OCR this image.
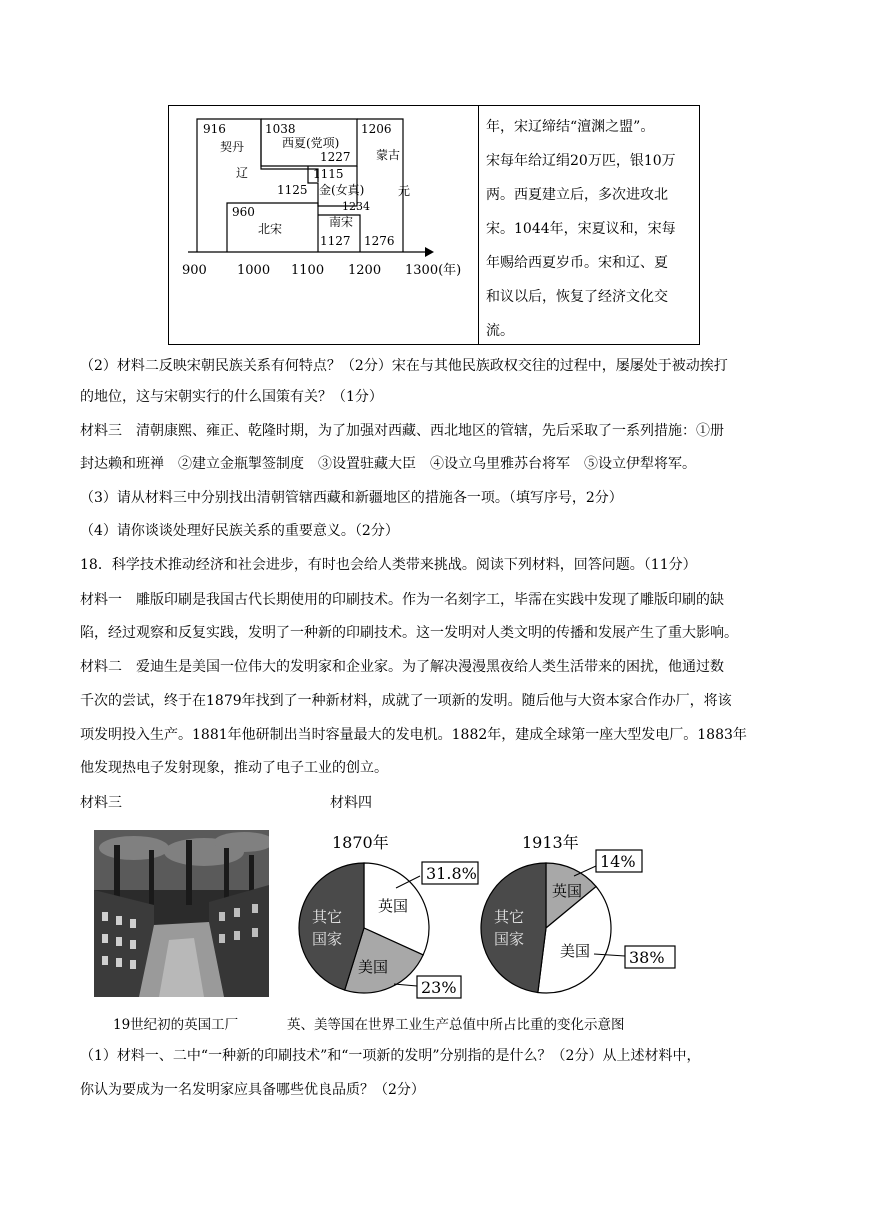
916
契丹
辽
1038
西夏(党项)
1227
1206
蒙古
1115
1125 金(女真)
1234
元
960
北宋	南宋
1127 1276
900 1000 1100 1200 1300(年)
年，宋辽缔结“澶渊之盟”。
宋每年给辽绢20万匹，银10万
两。西夏建立后，多次进攻北
宋。1044年，宋夏议和，宋每
年赐给西夏岁币。宋和辽、夏
和议以后，恢复了经济文化交
流。
（2）材料二反映宋朝民族关系有何特点？（2分）宋在与其他民族政权交往的过程中，屡屡处于被动挨打
的地位，这与宋朝实行的什么国策有关？（1分）
材料三　清朝康熙、雍正、乾隆时期，为了加强对西藏、西北地区的管辖，先后采取了一系列措施：①册
封达赖和班禅　②建立金瓶掣签制度　③设置驻藏大臣　④设立乌里雅苏台将军　⑤设立伊犁将军。
（3）请从材料三中分别找出清朝管辖西藏和新疆地区的措施各一项。（填写序号，2分）
（4）请你谈谈处理好民族关系的重要意义。（2分）
18．科学技术推动经济和社会进步，有时也会给人类带来挑战。阅读下列材料，回答问题。（11分）
材料一　雕版印刷是我国古代长期使用的印刷技术。作为一名刻字工，毕霈在实践中发现了雕版印刷的缺
陷，经过观察和反复实践，发明了一种新的印刷技术。这一发明对人类文明的传播和发展产生了重大影响。
材料二　爱迪生是美国一位伟大的发明家和企业家。为了解决漫漫黑夜给人类生活带来的困扰，他通过数
千次的尝试，终于在1879年找到了一种新材料，成就了一项新的发明。随后他与大资本家合作办厂，将该
项发明投入生产。1881年他研制出当时容量最大的发电机。1882年，建成全球第一座大型发电厂。1883年
他发现热电子发射现象，推动了电子工业的创立。
材料三	材料四
英国
美国
其它
国家
31.8%
23%
英国
美国
其它
国家
14%
38%
1870年	1913年
19世纪初的英国工厂	英、美等国在世界工业生产总值中所占比重的变化示意图
（1）材料一、二中“一种新的印刷技术”和“一项新的发明”分别指的是什么？（2分）从上述材料中，
你认为要成为一名发明家应具备哪些优良品质？（2分）
